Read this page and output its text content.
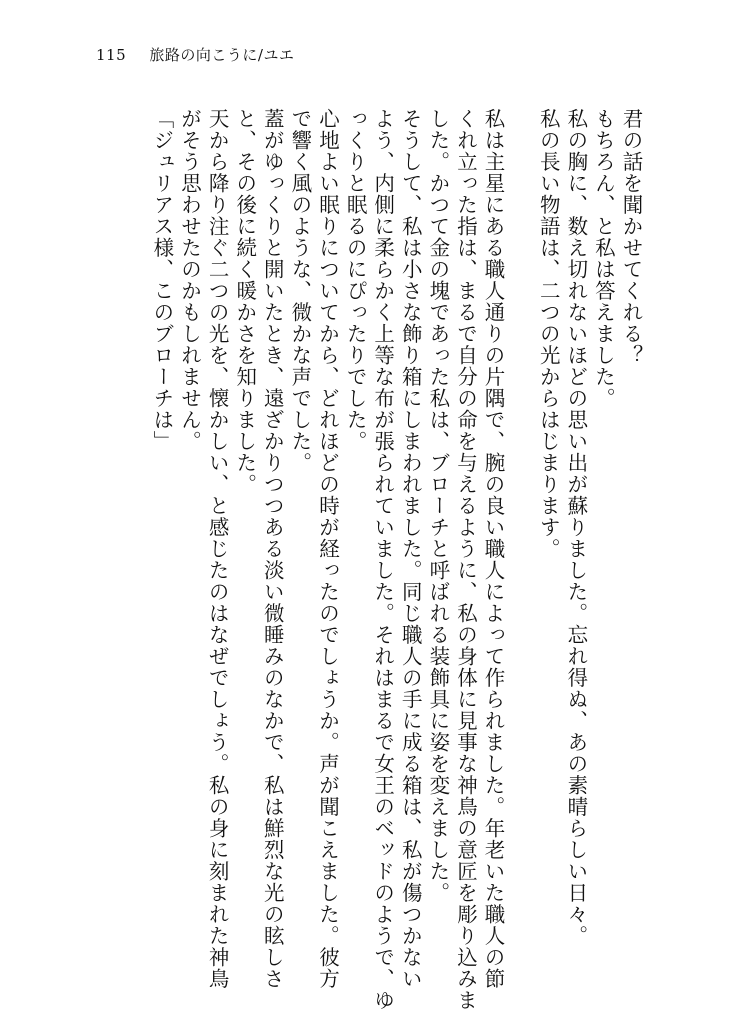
115 旅路の向こうに/ユエ
君の話を聞かせてくれる？
もちろん、と私は答えました。
私の胸に、数え切れないほどの思い出が蘇りました。忘れ得ぬ、あの素晴らしい日々。
私の長い物語は、二つの光からはじまります。
私は主星にある職人通りの片隅で、腕の良い職人によって作られました。年老いた職人の節
くれ立った指は、まるで自分の命を与えるように、私の身体に見事な神鳥の意匠を彫り込みま
した。かつて金の塊であった私は、ブローチと呼ばれる装飾具に姿を変えました。
そうして、私は小さな飾り箱にしまわれました。同じ職人の手に成る箱は、私が傷つかない
よう、内側に柔らかく上等な布が張られていました。それはまるで女王のベッドのようで、ゆ
っくりと眠るのにぴったりでした。
心地よい眠りについてから、どれほどの時が経ったのでしょうか。声が聞こえました。彼方
で響く風のような、微かな声でした。
蓋がゆっくりと開いたとき、遠ざかりつつある淡い微睡みのなかで、私は鮮烈な光の眩しさ
と、その後に続く暖かさを知りました。
天から降り注ぐ二つの光を、懐かしい、と感じたのはなぜでしょう。私の身に刻まれた神鳥
がそう思わせたのかもしれません。
「ジュリアス様、このブローチは」
